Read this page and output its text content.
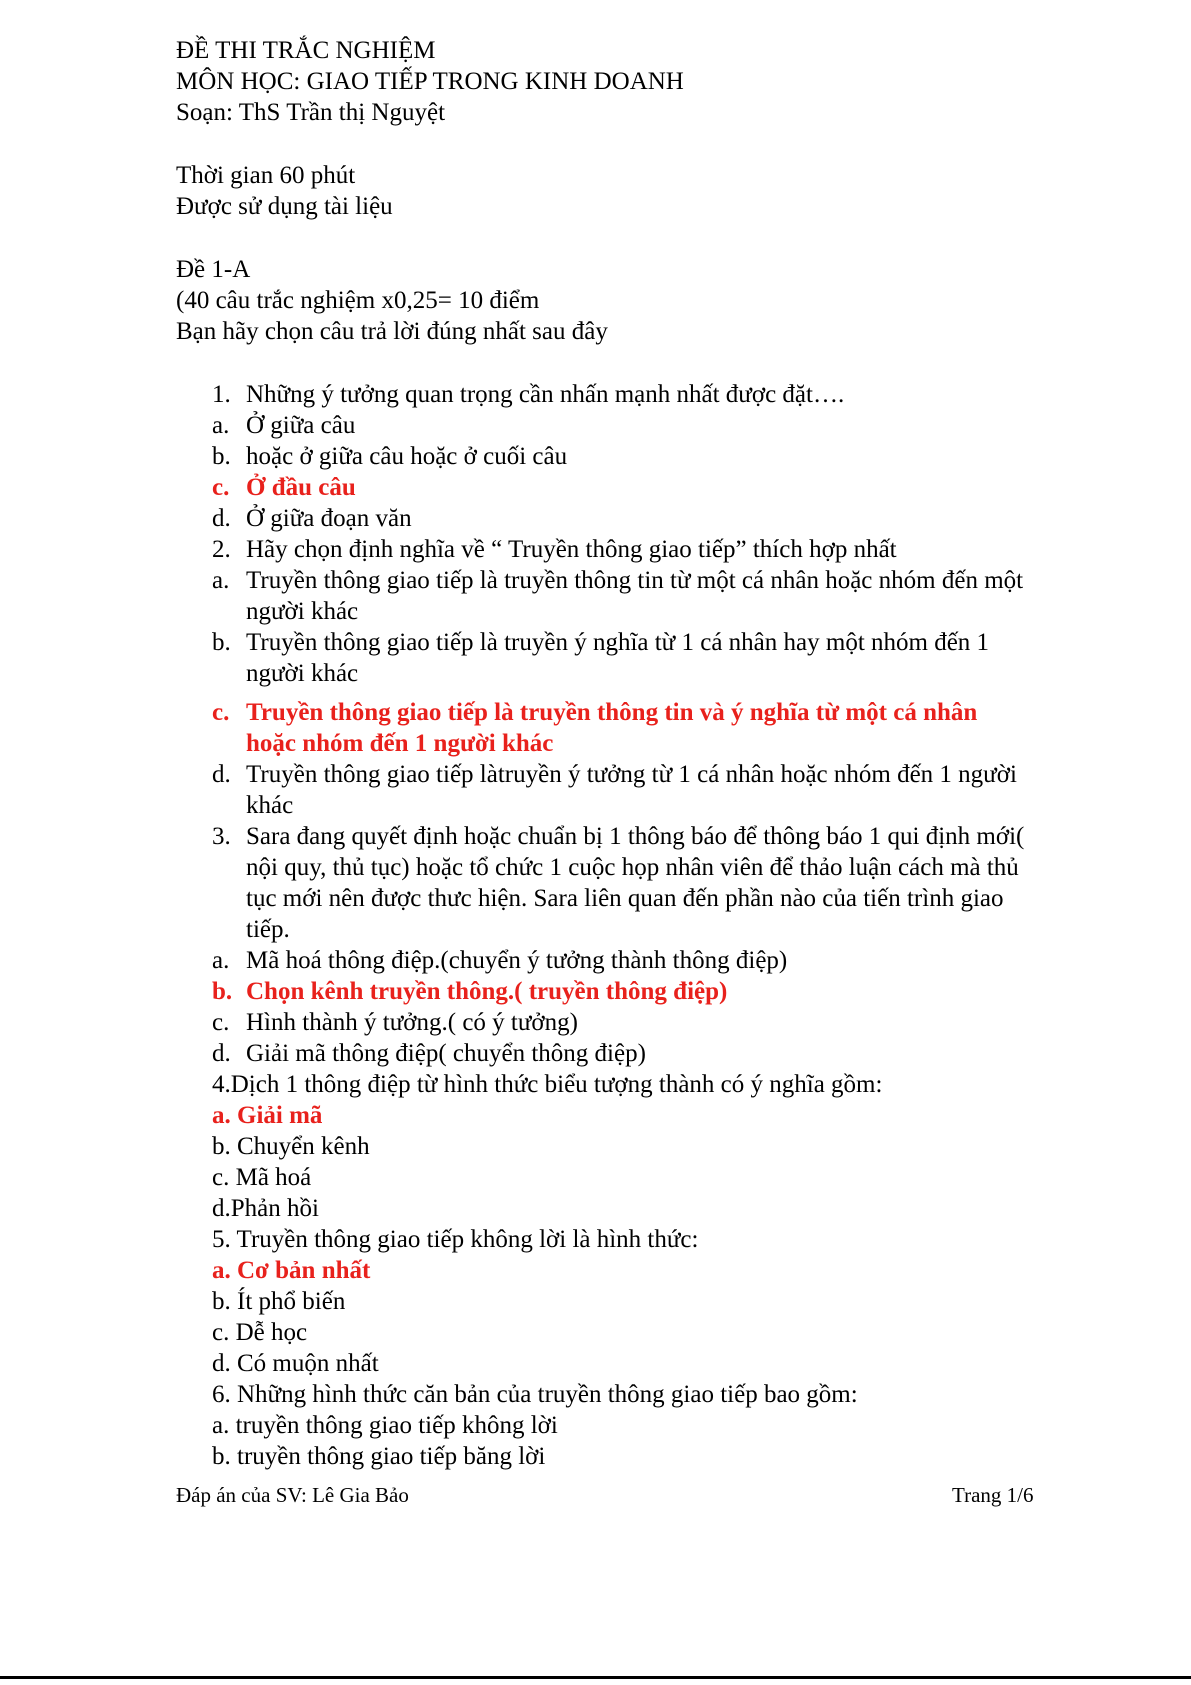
ĐỀ THI TRẮC NGHIỆM
MÔN HỌC: GIAO TIẾP TRONG KINH DOANH
Soạn: ThS Trần thị Nguyệt
Thời gian 60 phút
Được sử dụng tài liệu
Đề 1-A
(40 câu trắc nghiệm x0,25= 10 điểm
Bạn hãy chọn câu trả lời đúng nhất sau đây
1. Những ý tưởng quan trọng cần nhấn mạnh nhất được đặt….
a. Ở giữa câu
b. hoặc ở giữa câu hoặc ở cuối câu
c. Ở đầu câu
d. Ở giữa đoạn văn
2. Hãy chọn định nghĩa về “ Truyền thông giao tiếp” thích hợp nhất
a. Truyền thông giao tiếp là truyền thông tin từ một cá nhân hoặc nhóm đến một
người khác
b. Truyền thông giao tiếp là truyền ý nghĩa từ 1 cá nhân hay một nhóm đến 1
người khác
c. Truyền thông giao tiếp là truyền thông tin và ý nghĩa từ một cá nhân
hoặc nhóm đến 1 người khác
d. Truyền thông giao tiếp làtruyền ý tưởng từ 1 cá nhân hoặc nhóm đến 1 người
khác
3. Sara đang quyết định hoặc chuẩn bị 1 thông báo để thông báo 1 qui định mới(
nội quy, thủ tục) hoặc tổ chức 1 cuộc họp nhân viên để thảo luận cách mà thủ
tục mới nên được thưc hiện. Sara liên quan đến phần nào của tiến trình giao
tiếp.
a. Mã hoá thông điệp.(chuyển ý tưởng thành thông điệp)
b. Chọn kênh truyền thông.( truyền thông điệp)
c. Hình thành ý tưởng.( có ý tưởng)
d. Giải mã thông điệp( chuyển thông điệp)
4.Dịch 1 thông điệp từ hình thức biểu tượng thành có ý nghĩa gồm:
a. Giải mã
b. Chuyển kênh
c. Mã hoá
d.Phản hồi
5. Truyền thông giao tiếp không lời là hình thức:
a. Cơ bản nhất
b. Ít phổ biến
c. Dễ học
d. Có muộn nhất
6. Những hình thức căn bản của truyền thông giao tiếp bao gồm:
a. truyền thông giao tiếp không lời
b. truyền thông giao tiếp băng lời
Đáp án của SV: Lê Gia Bảo	Trang 1/6
